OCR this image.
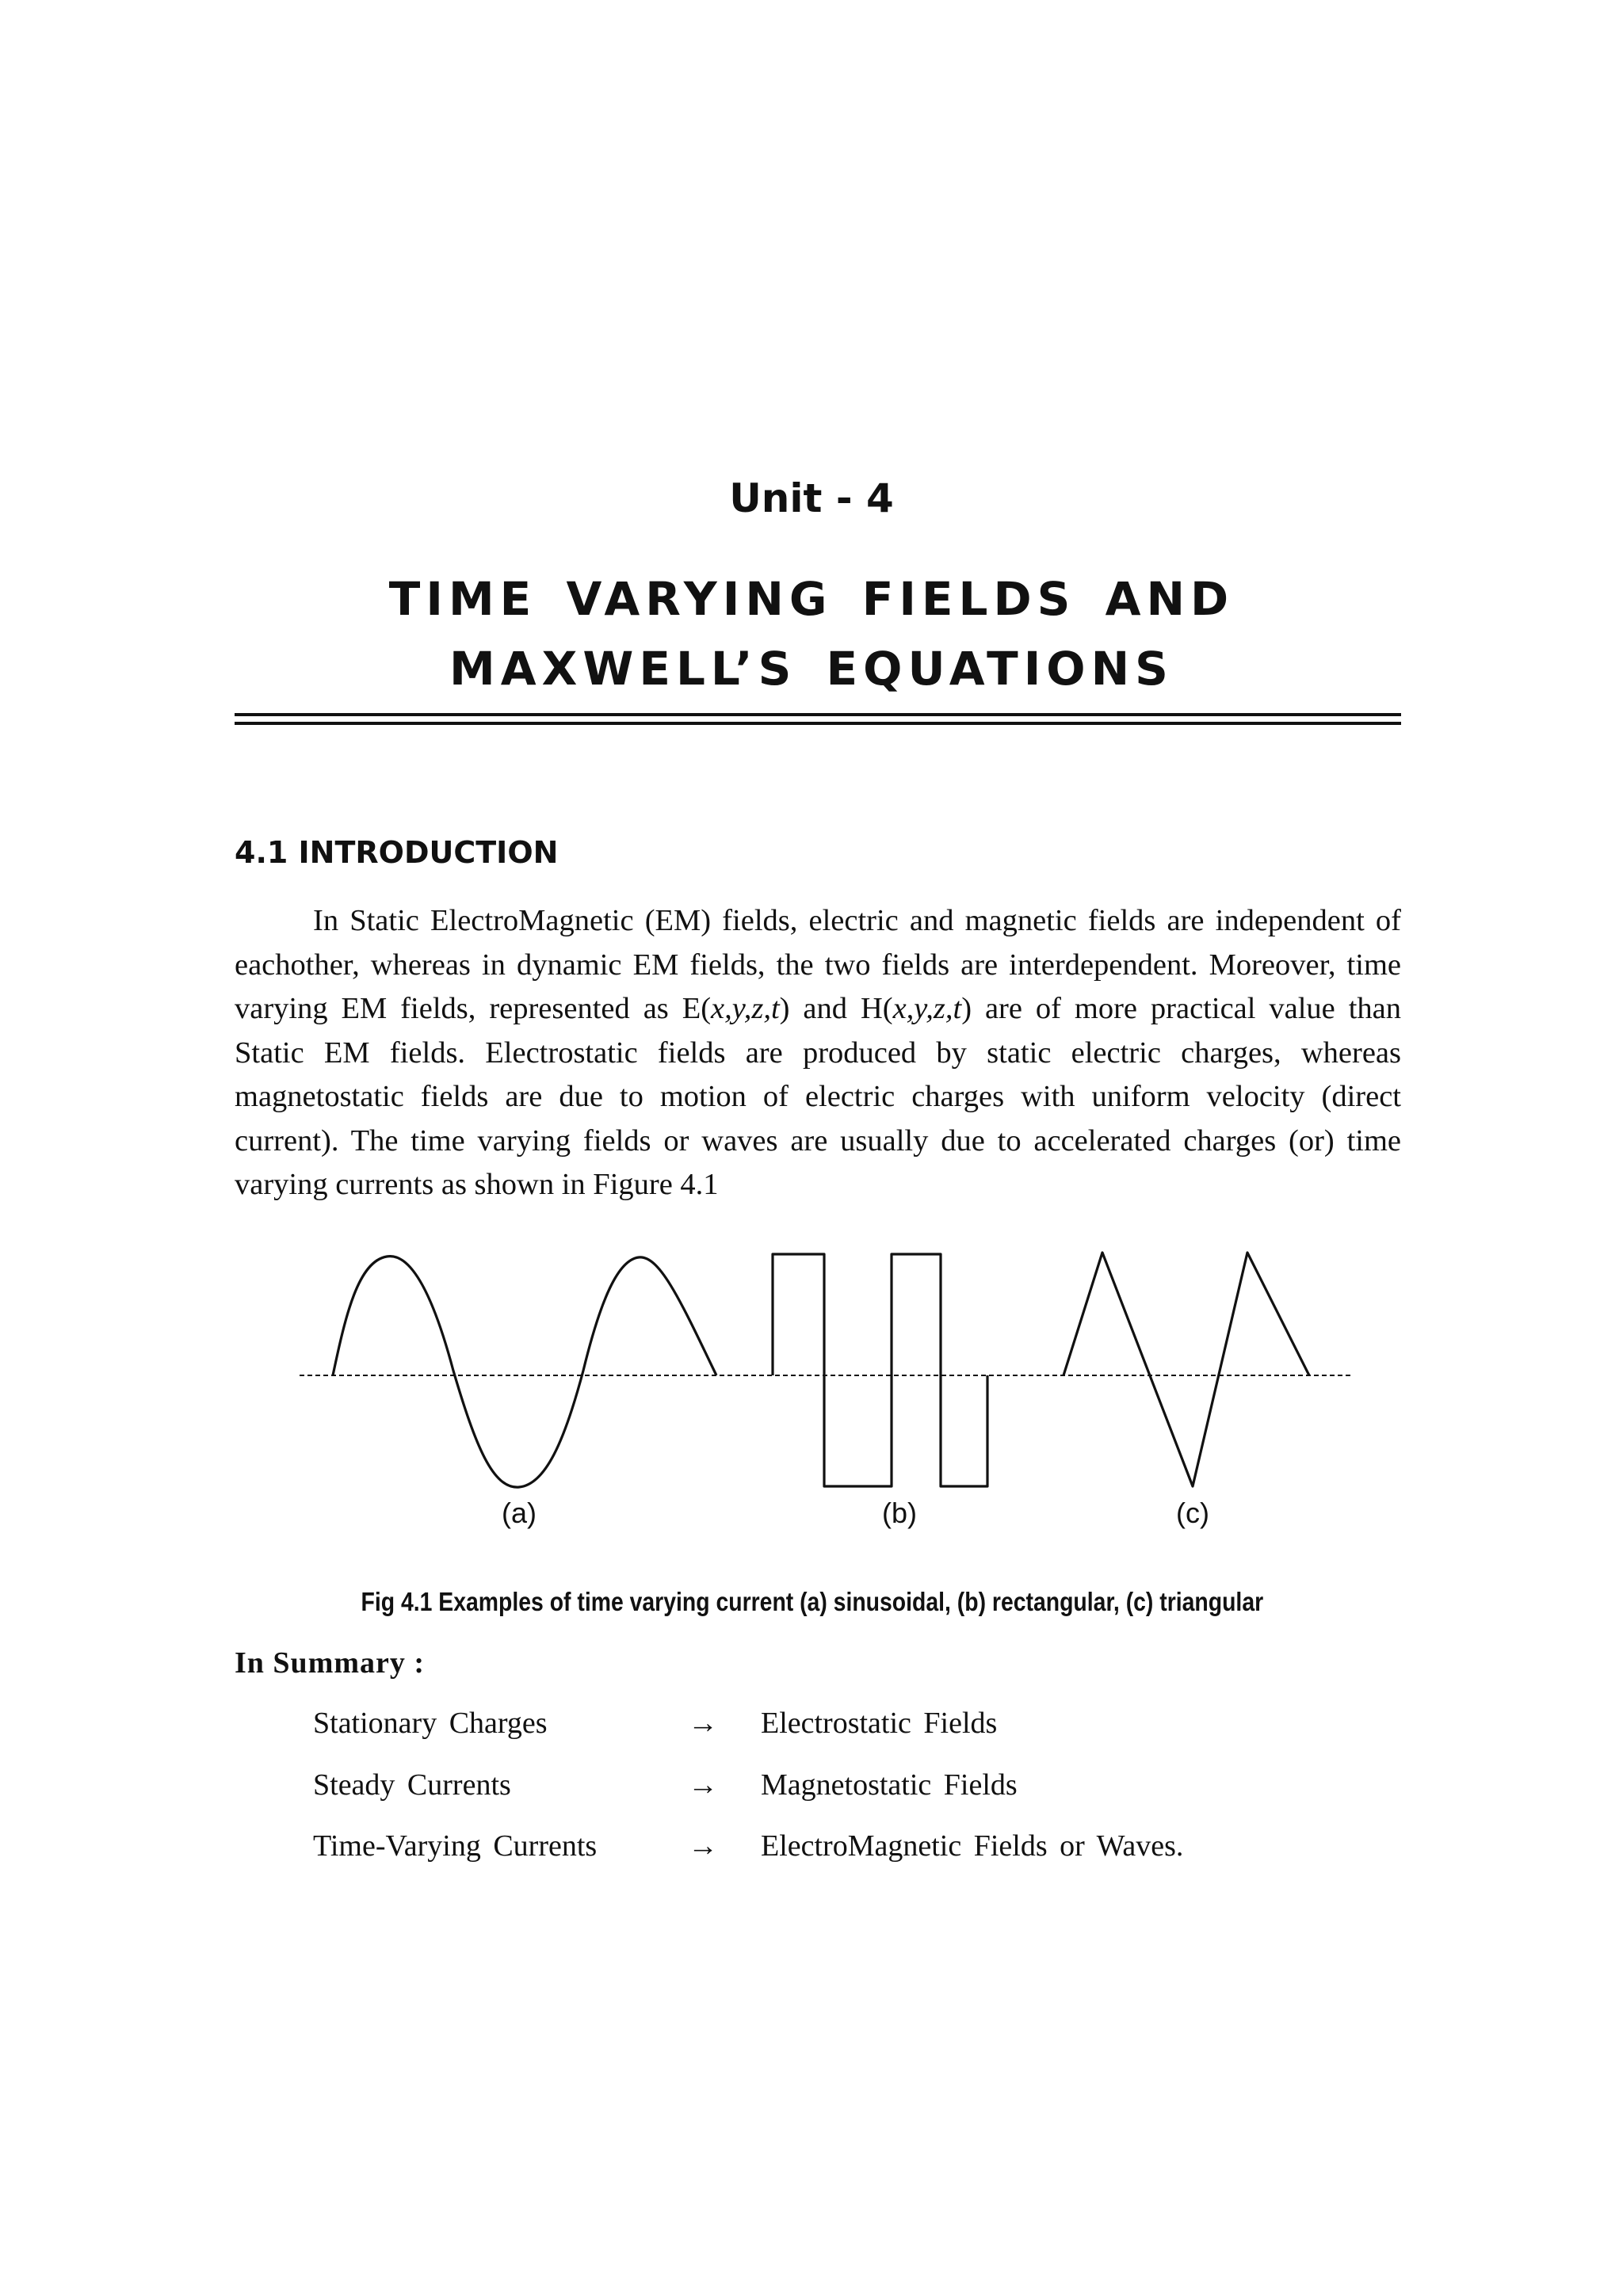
Unit - 4
TIME VARYING FIELDS AND
MAXWELL’S EQUATIONS
4.1 INTRODUCTION

In Static ElectroMagnetic (EM) fields, electric and magnetic fields are independent of eachother, whereas in dynamic EM fields, the two fields are interdependent. Moreover, time varying EM fields, represented as E(x,y,z,t) and H(x,y,z,t) are of more practical value than Static EM fields. Electrostatic fields are produced by static electric charges, whereas magnetostatic fields are due to motion of electric charges with uniform velocity (direct current). The time varying fields or waves are usually due to accelerated charges (or) time varying currents as shown in Figure 4.1

(a)	(b)	(c)
Fig 4.1 Examples of time varying current (a) sinusoidal, (b) rectangular, (c) triangular
In Summary :
Stationary Charges	→ Electrostatic Fields
Steady Currents	→ Magnetostatic Fields
Time-Varying Currents	→ ElectroMagnetic Fields or Waves.
